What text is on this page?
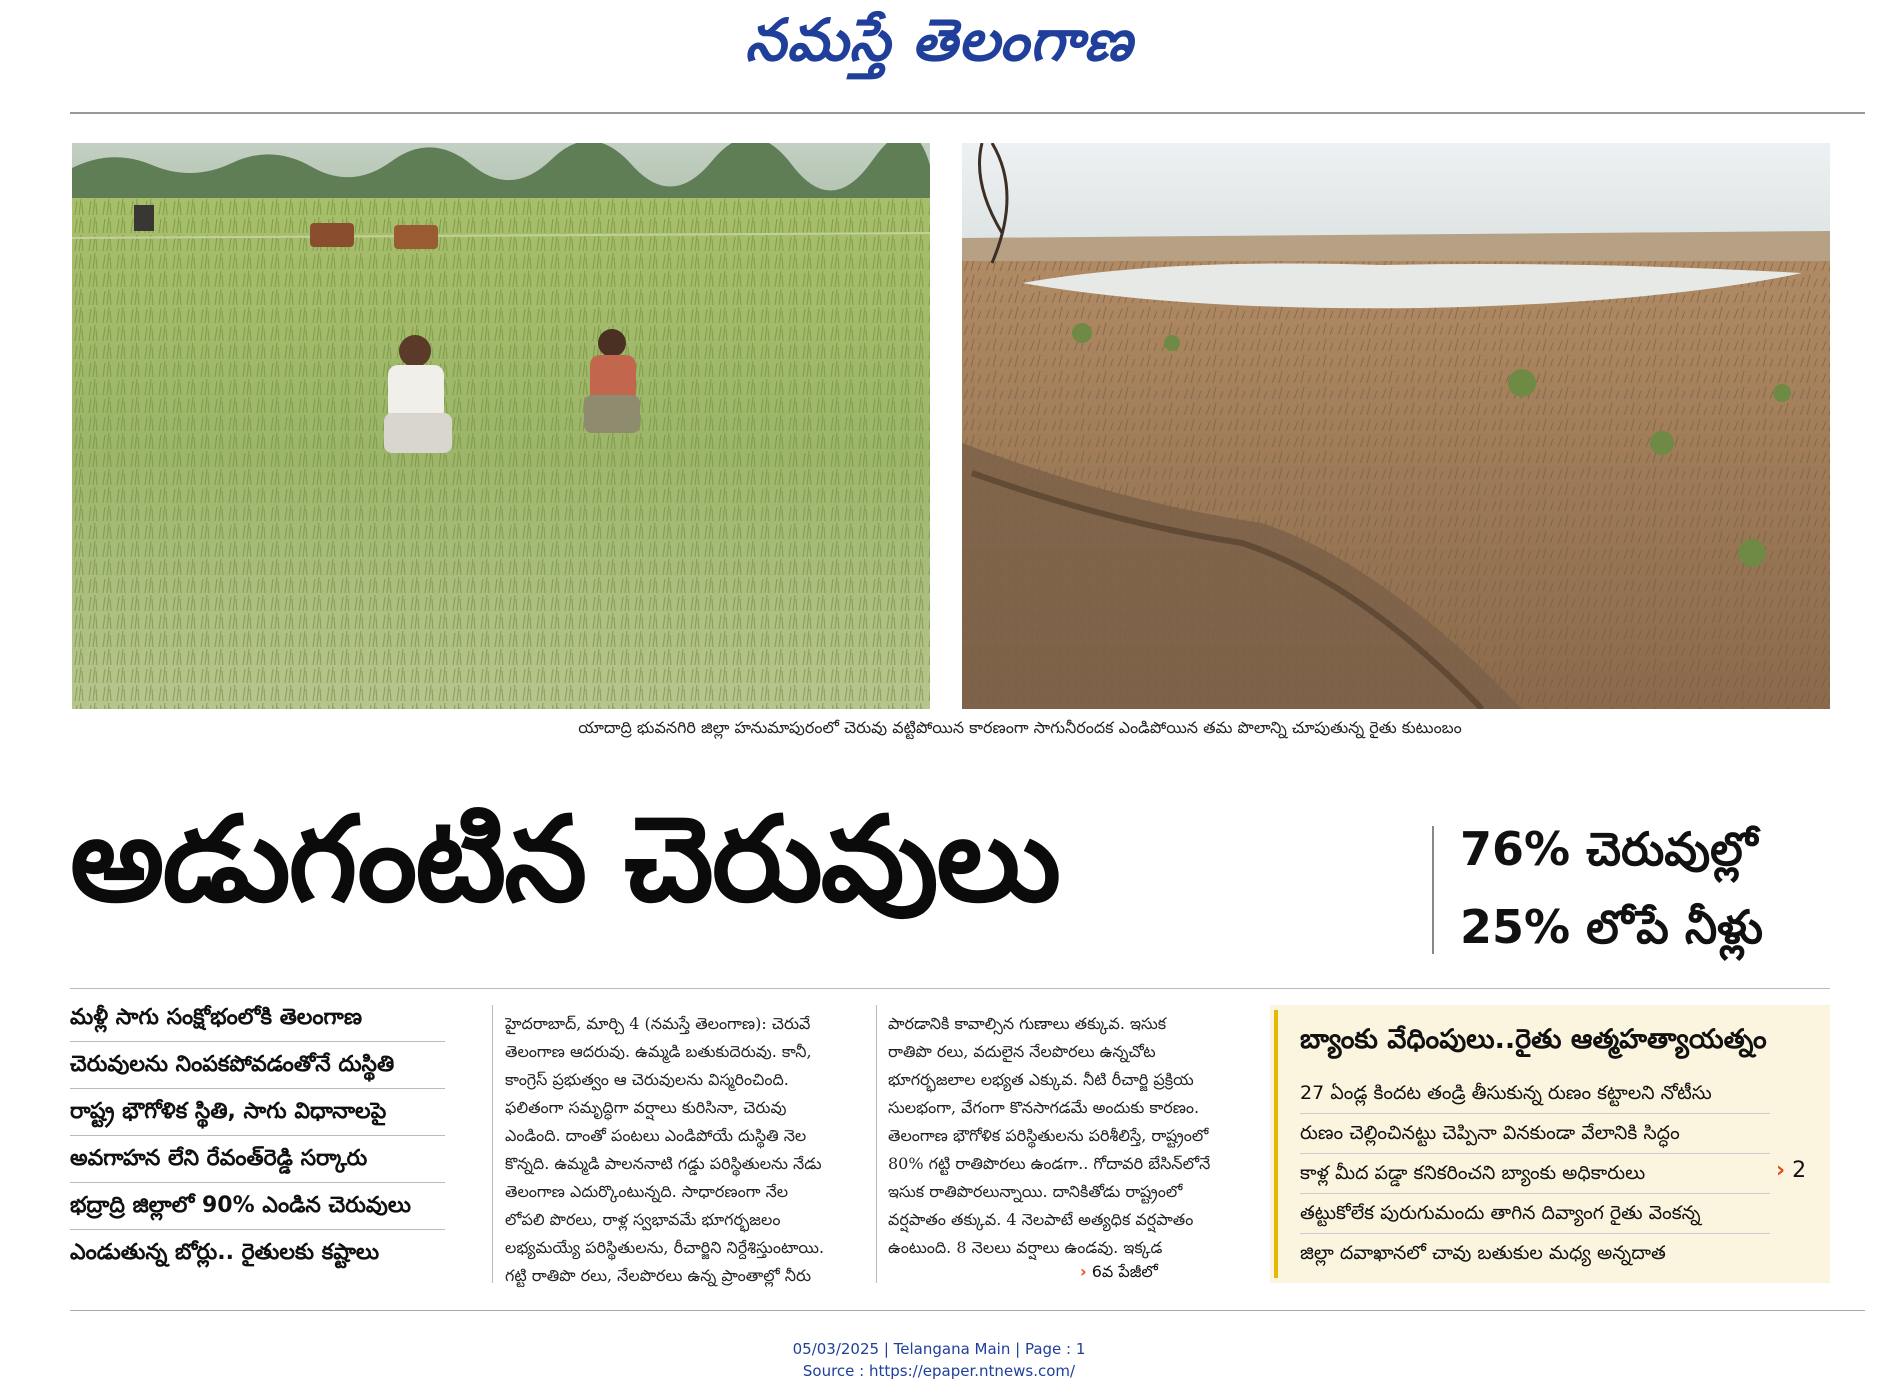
నమస్తే తెలంగాణ
యాదాద్రి భువనగిరి జిల్లా హనుమాపురంలో చెరువు వట్టిపోయిన కారణంగా సాగునీరందక ఎండిపోయిన తమ పొలాన్ని చూపుతున్న రైతు కుటుంబం
అడుగంటిన చెరువులు	76% చెరువుల్లో
25% లోపే నీళ్లు
మళ్లీ సాగు సంక్షోభంలోకి తెలంగాణ
చెరువులను నింపకపోవడంతోనే దుస్థితి
రాష్ట్ర భౌగోళిక స్థితి, సాగు విధానాలపై
అవగాహన లేని రేవంత్‌రెడ్డి సర్కారు
భద్రాద్రి జిల్లాలో 90% ఎండిన చెరువులు
ఎండుతున్న బోర్లు.. రైతులకు కష్టాలు

హైదరాబాద్, మార్చి 4 (నమస్తే తెలంగాణ): చెరువే తెలంగాణ ఆదరువు. ఉమ్మడి బతుకుదెరువు. కానీ, కాంగ్రెస్ ప్రభుత్వం ఆ చెరువులను విస్మరించింది. ఫలితంగా సమృద్ధిగా వర్షాలు కురిసినా, చెరువు ఎండింది. దాంతో పంటలు ఎండిపోయే దుస్థితి నెల కొన్నది. ఉమ్మడి పాలననాటి గడ్డు పరిస్థితులను నేడు తెలంగాణ ఎదుర్కొంటున్నది. సాధారణంగా నేల లోపలి పొరలు, రాళ్ల స్వభావమే భూగర్భజలం లభ్యమయ్యే పరిస్థితులను, రీచార్జిని నిర్దేశిస్తుంటాయి. గట్టి రాతిపొ రలు, నేలపొరలు ఉన్న ప్రాంతాల్లో నీరు

పారడానికి కావాల్సిన గుణాలు తక్కువ. ఇసుక రాతిపొ రలు, వదులైన నేలపొరలు ఉన్నచోట భూగర్భజలాల లభ్యత ఎక్కువ. నీటి రీచార్జి ప్రక్రియ సులభంగా, వేగంగా కొనసాగడమే అందుకు కారణం. తెలంగాణ భౌగోళిక పరిస్థితులను పరిశీలిస్తే, రాష్ట్రంలో 80% గట్టి రాతిపొరలు ఉండగా.. గోదావరి బేసిన్‌లోనే ఇసుక రాతిపొరలున్నాయి. దానికితోడు రాష్ట్రంలో వర్షపాతం తక్కువ. 4 నెలపాటే అత్యధిక వర్షపాతం ఉంటుంది. 8 నెలలు వర్షాలు ఉండవు. ఇక్కడ

› 6వ పేజీలో
బ్యాంకు వేధింపులు..రైతు ఆత్మహత్యాయత్నం
27 ఏండ్ల కిందట తండ్రి తీసుకున్న రుణం కట్టాలని నోటీసు
రుణం చెల్లించినట్టు చెప్పినా వినకుండా వేలానికి సిద్ధం
కాళ్ల మీద పడ్డా కనికరించని బ్యాంకు అధికారులు
తట్టుకోలేక పురుగుమందు తాగిన దివ్యాంగ రైతు వెంకన్న
జిల్లా దవాఖానలో చావు బతుకుల మధ్య అన్నదాత
› 2
05/03/2025 | Telangana Main | Page : 1
Source : https://epaper.ntnews.com/
